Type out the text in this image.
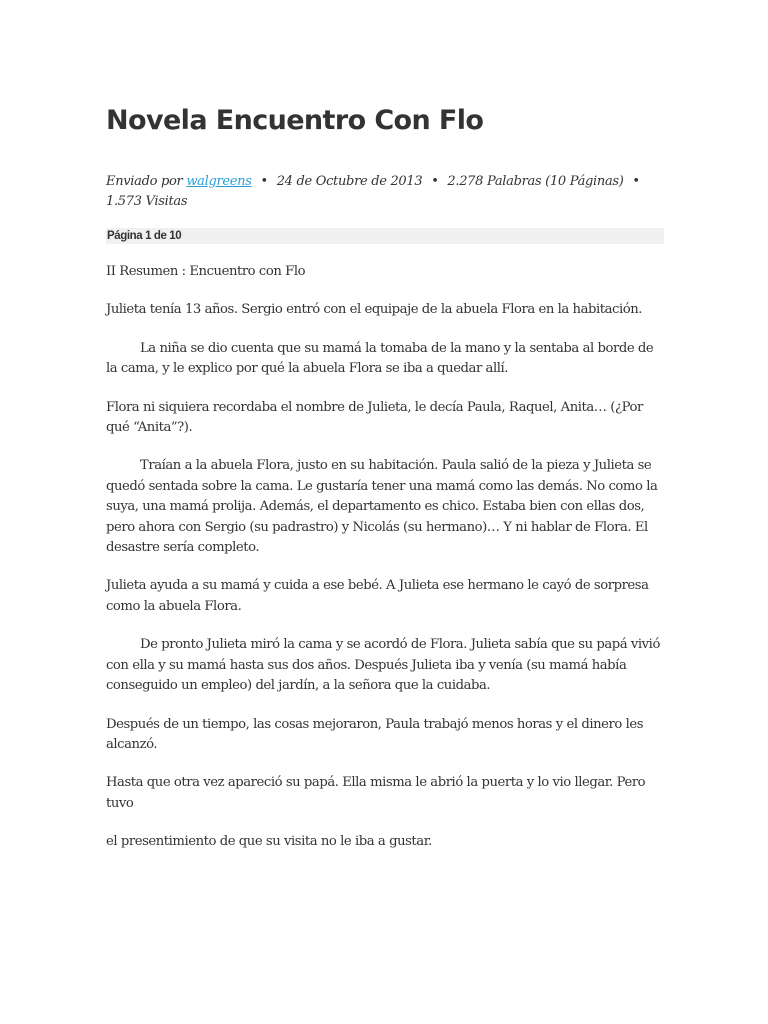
Novela Encuentro Con Flo
Enviado por walgreens • 24 de Octubre de 2013 • 2.278 Palabras (10 Páginas) • 1.573 Visitas
Página 1 de 10

II Resumen : Encuentro con Flo

Julieta tenía 13 años. Sergio entró con el equipaje de la abuela Flora en la habitación.

La niña se dio cuenta que su mamá la tomaba de la mano y la sentaba al borde de la cama, y le explico por qué la abuela Flora se iba a quedar allí.

Flora ni siquiera recordaba el nombre de Julieta, le decía Paula, Raquel, Anita… (¿Por qué “Anita”?).

Traían a la abuela Flora, justo en su habitación. Paula salió de la pieza y Julieta se quedó sentada sobre la cama. Le gustaría tener una mamá como las demás. No como la suya, una mamá prolija. Además, el departamento es chico. Estaba bien con ellas dos, pero ahora con Sergio (su padrastro) y Nicolás (su hermano)… Y ni hablar de Flora. El desastre sería completo.

Julieta ayuda a su mamá y cuida a ese bebé. A Julieta ese hermano le cayó de sorpresa como la abuela Flora.

De pronto Julieta miró la cama y se acordó de Flora. Julieta sabía que su papá vivió con ella y su mamá hasta sus dos años. Después Julieta iba y venía (su mamá había conseguido un empleo) del jardín, a la señora que la cuidaba.

Después de un tiempo, las cosas mejoraron, Paula trabajó menos horas y el dinero les alcanzó.

Hasta que otra vez apareció su papá. Ella misma le abrió la puerta y lo vio llegar. Pero tuvo

el presentimiento de que su visita no le iba a gustar.
